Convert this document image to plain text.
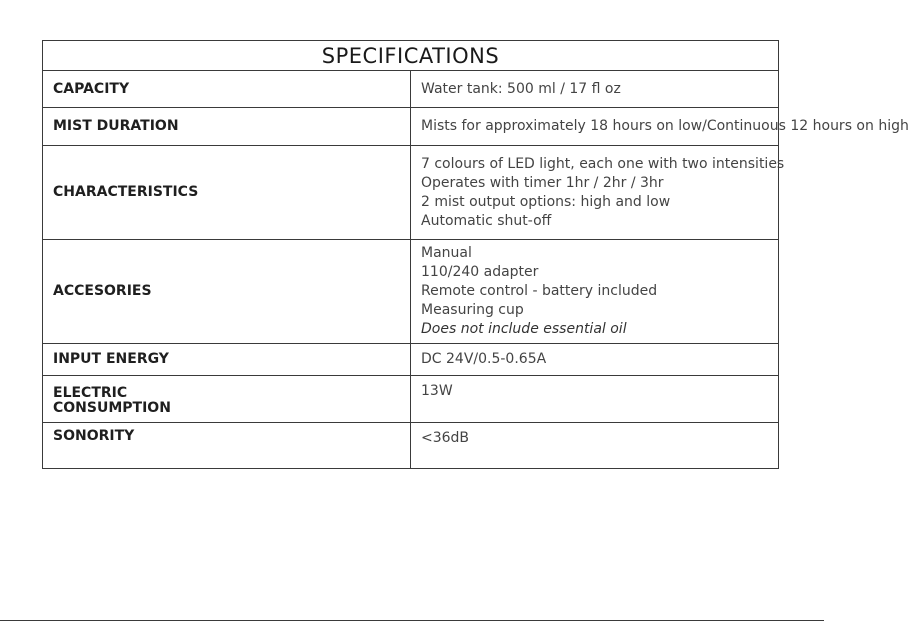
SPECIFICATIONS	
CAPACITY	Water tank: 500 ml / 17 fl oz

MIST DURATION	Mists for approximately 18 hours on low/Continuous 12 hours on high

CHARACTERISTICS	7 colours of LED light, each one with two intensities
Operates with timer 1hr / 2hr / 3hr
2 mist output options: high and low
Automatic shut-off

ACCESORIES	Manual
110/240 adapter
Remote control - battery included
Measuring cup
Does not include essential oil

INPUT ENERGY	DC 24V/0.5-0.65A

ELECTRIC
CONSUMPTION	13W

SONORITY	<36dB
